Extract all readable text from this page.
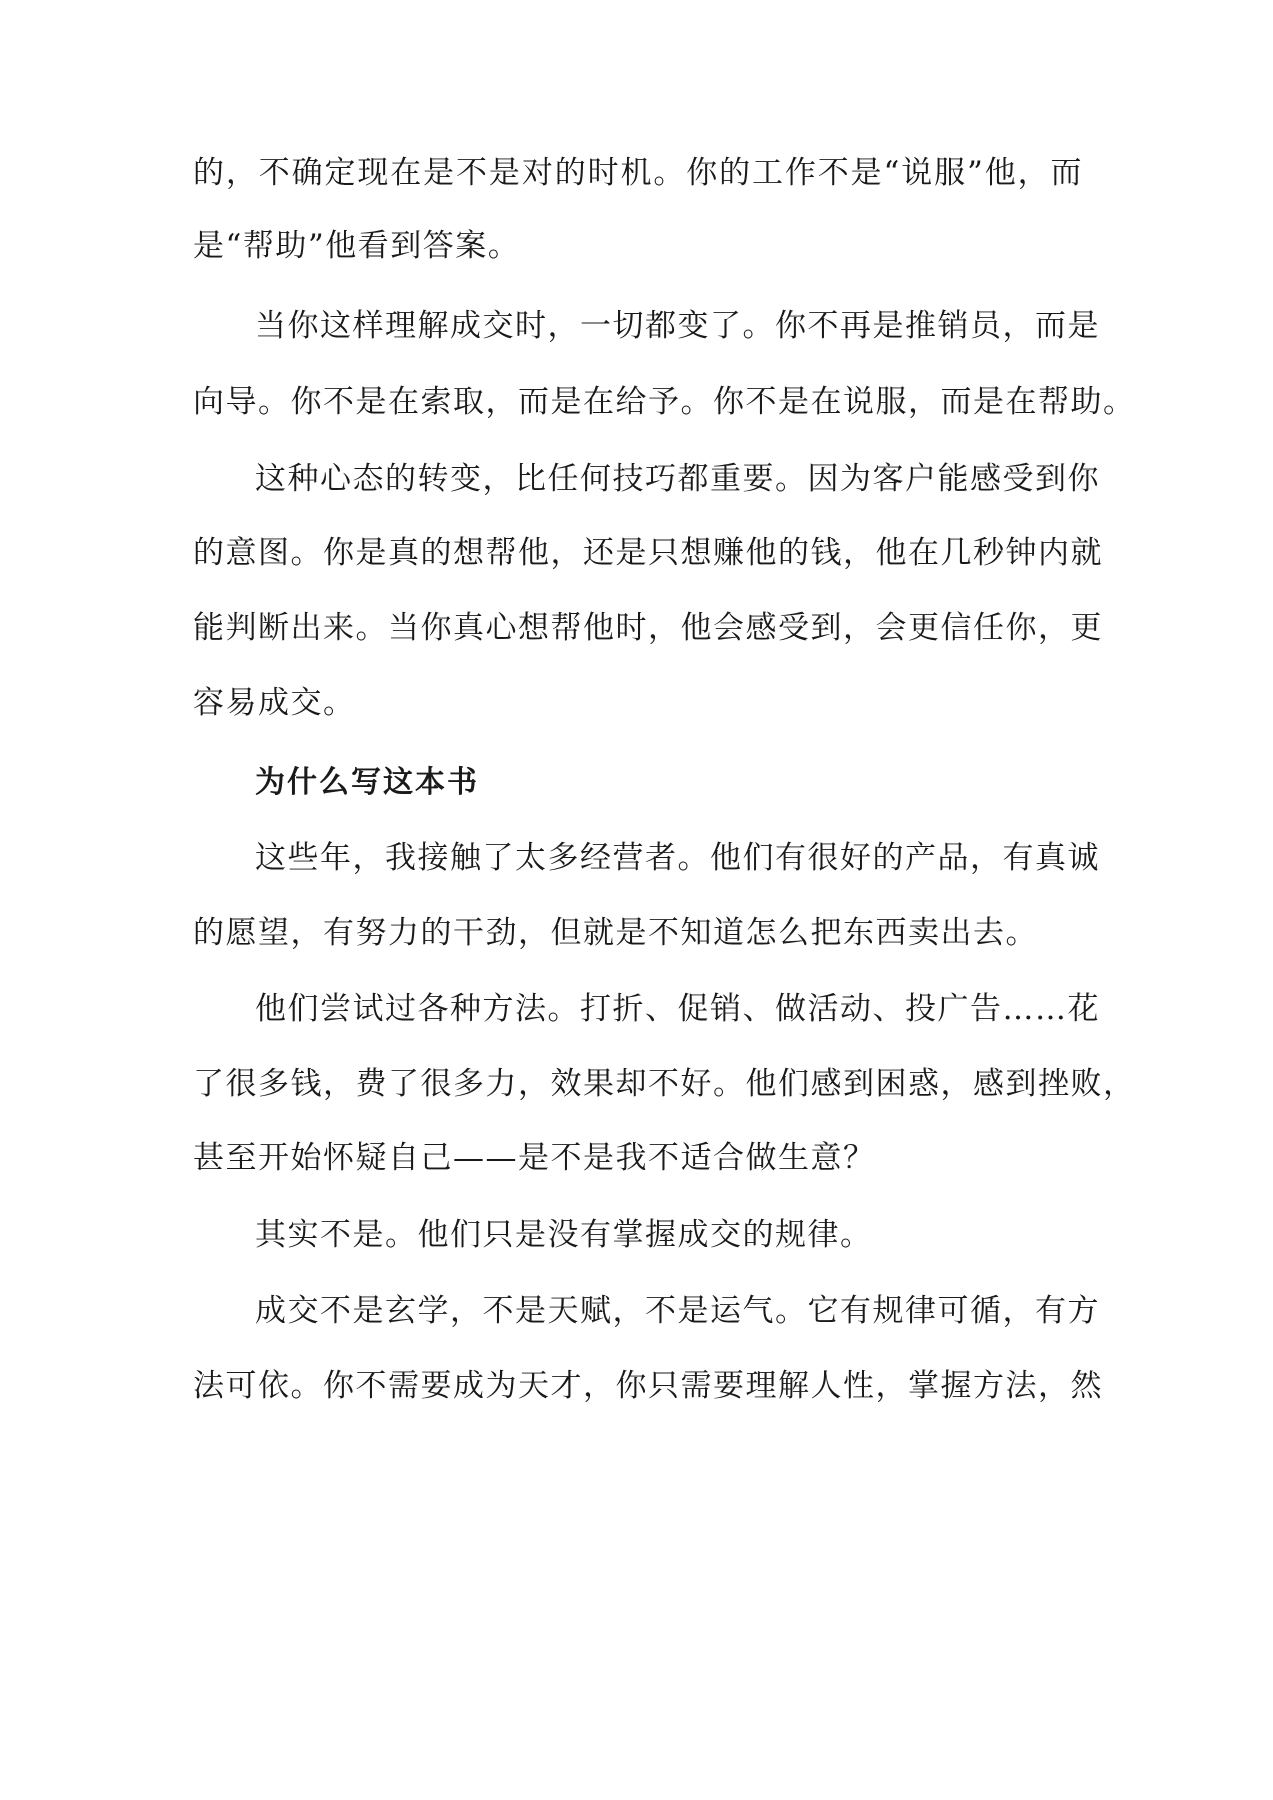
的，不确定现在是不是对的时机。你的工作不是“说服”他，而
是“帮助”他看到答案。
当你这样理解成交时，一切都变了。你不再是推销员，而是
向导。你不是在索取，而是在给予。你不是在说服，而是在帮助。
这种心态的转变，比任何技巧都重要。因为客户能感受到你
的意图。你是真的想帮他，还是只想赚他的钱，他在几秒钟内就
能判断出来。当你真心想帮他时，他会感受到，会更信任你，更
容易成交。
为什么写这本书
这些年，我接触了太多经营者。他们有很好的产品，有真诚
的愿望，有努力的干劲，但就是不知道怎么把东西卖出去。
他们尝试过各种方法。打折、促销、做活动、投广告……花
了很多钱，费了很多力，效果却不好。他们感到困惑，感到挫败，
甚至开始怀疑自己——是不是我不适合做生意？
其实不是。他们只是没有掌握成交的规律。
成交不是玄学，不是天赋，不是运气。它有规律可循，有方
法可依。你不需要成为天才，你只需要理解人性，掌握方法，然
